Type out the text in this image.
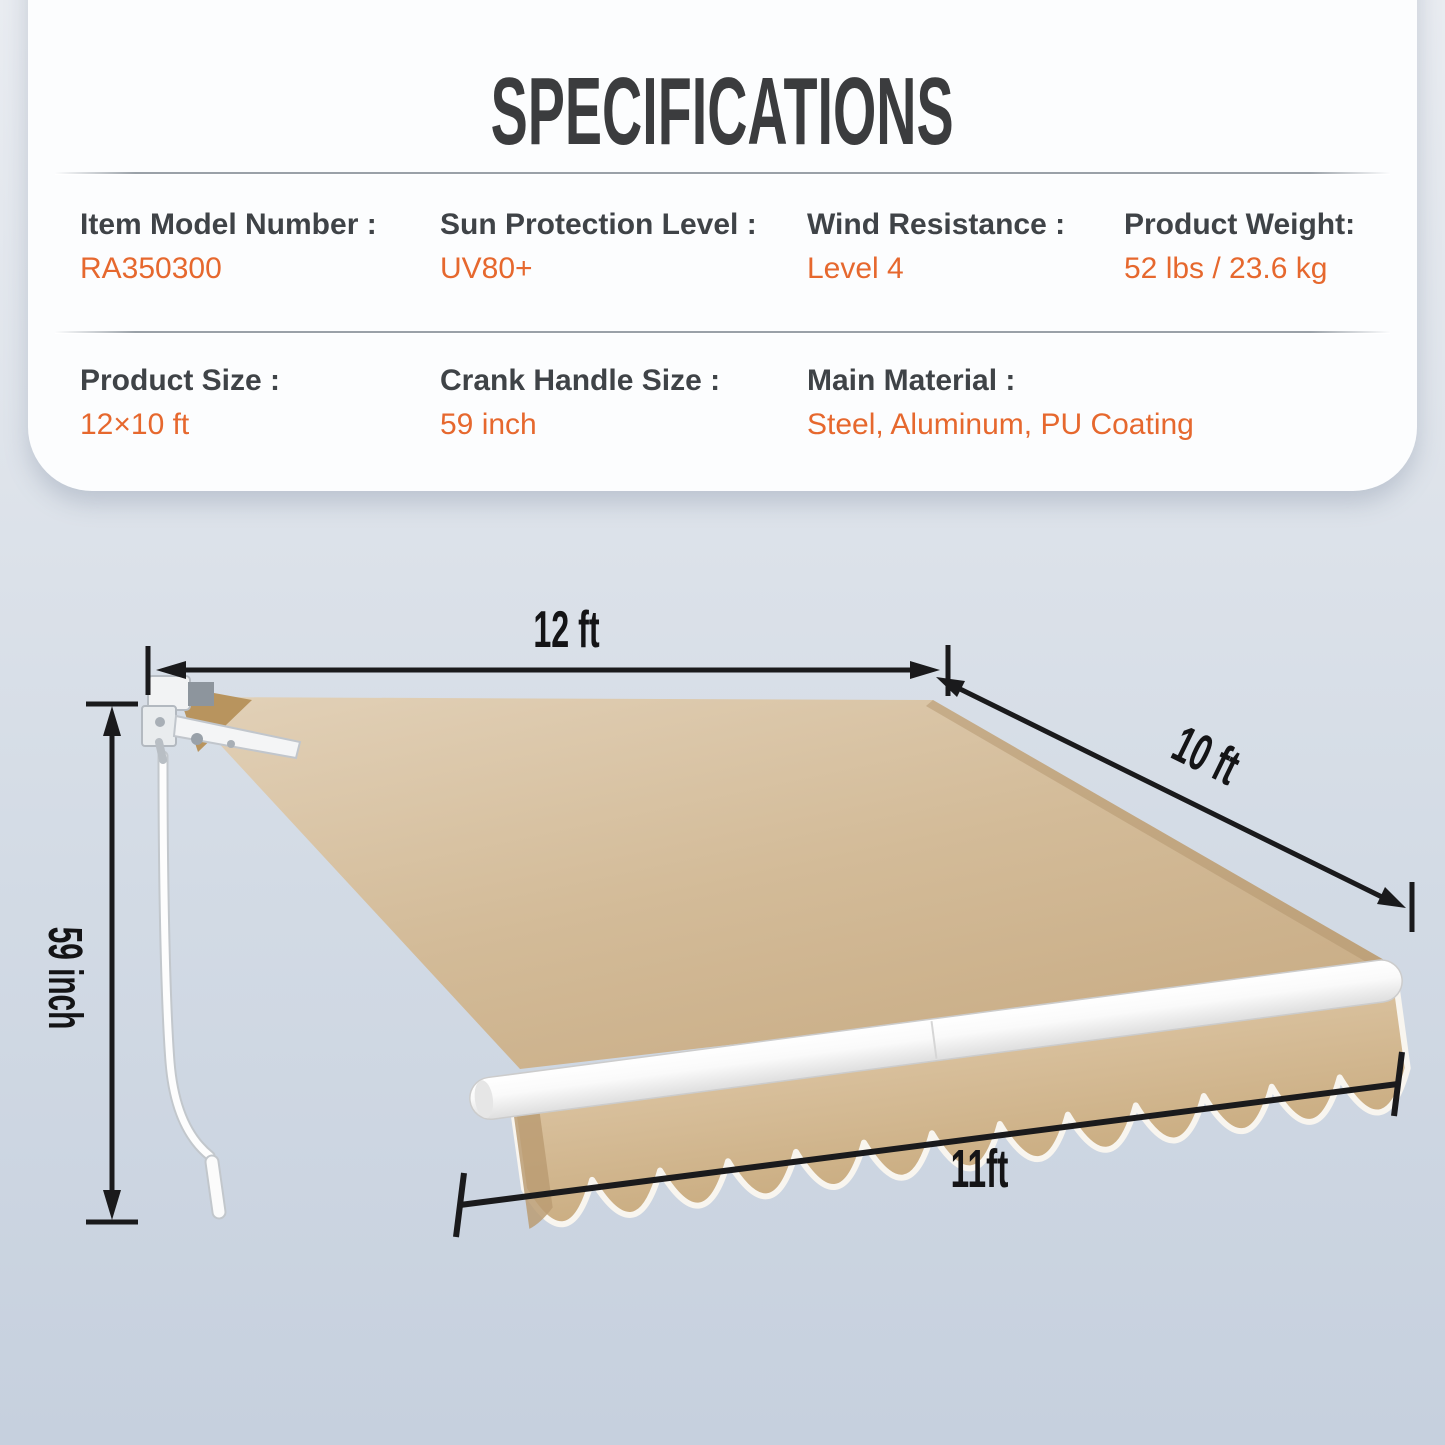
SPECIFICATIONS
Item Model Number :
RA350300
Sun Protection Level :
UV80+
Wind Resistance :
Level 4
Product Weight:
52 lbs / 23.6 kg
Product Size :
12×10 ft
Crank Handle Size :
59 inch
Main Material :
Steel, Aluminum, PU Coating
12 ft
10 ft
59 inch
11ft
